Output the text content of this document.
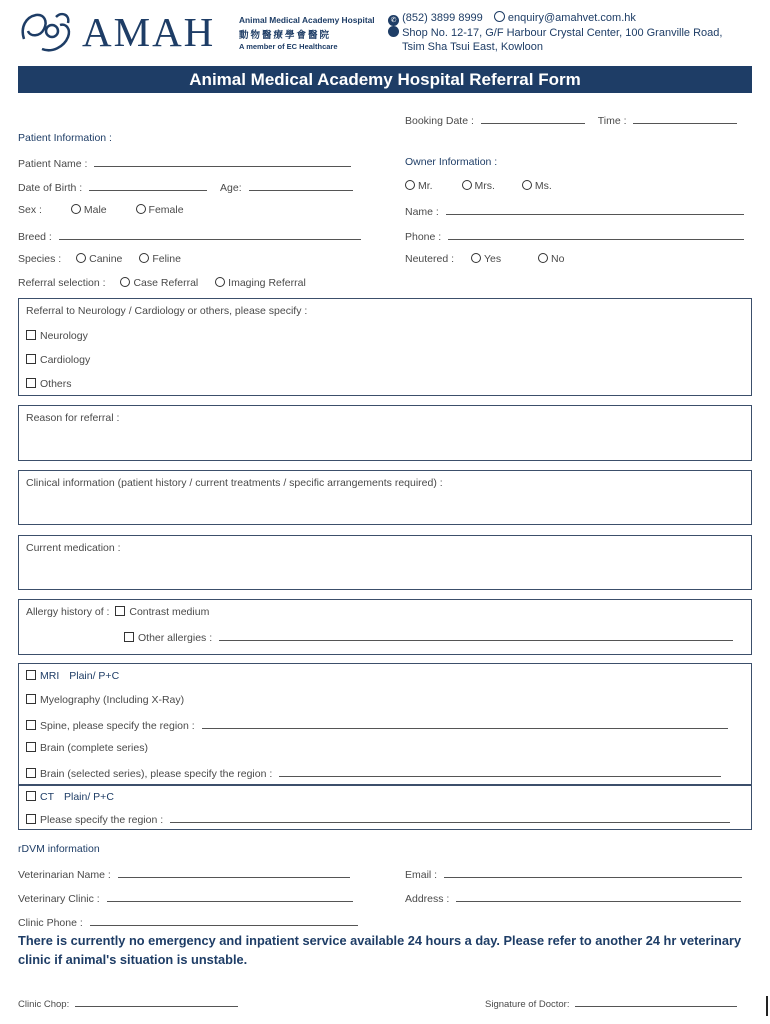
AMAH	Animal Medical Academy Hospital
動物醫療學會醫院
A member of EC Healthcare
✆ (852) 3899 8999 enquiry@amahvet.com.hk
Shop No. 12-17, G/F Harbour Crystal Center, 100 Granville Road,
Tsim Sha Tsui East, Kowloon
Animal Medical Academy Hospital Referral Form
Booking Date :	Time :
Patient Information :
Patient Name :	Owner Information :
Date of Birth :	Age:	Mr.	Mrs.	Ms.
Sex :	Male	Female	Name :
Breed :	Phone :
Species :	Canine	Feline	Neutered :	Yes	No
Referral selection :	Case Referral	Imaging Referral
Referral to Neurology / Cardiology or others, please specify :
Neurology
Cardiology
Others
Reason for referral :
Clinical information (patient history / current treatments / specific arrangements required) :
Current medication :
Allergy history of : Contrast medium
Other allergies :
MRI Plain/ P+C
Myelography (Including X-Ray)
Spine, please specify the region :
Brain (complete series)
Brain (selected series), please specify the region :
CT Plain/ P+C
Please specify the region :
rDVM information
Veterinarian Name :	Email :
Veterinary Clinic :	Address :
Clinic Phone :
There is currently no emergency and inpatient service available 24 hours a day. Please refer to another 24 hr veterinary clinic if animal's situation is unstable.
Clinic Chop:	Signature of Doctor:
